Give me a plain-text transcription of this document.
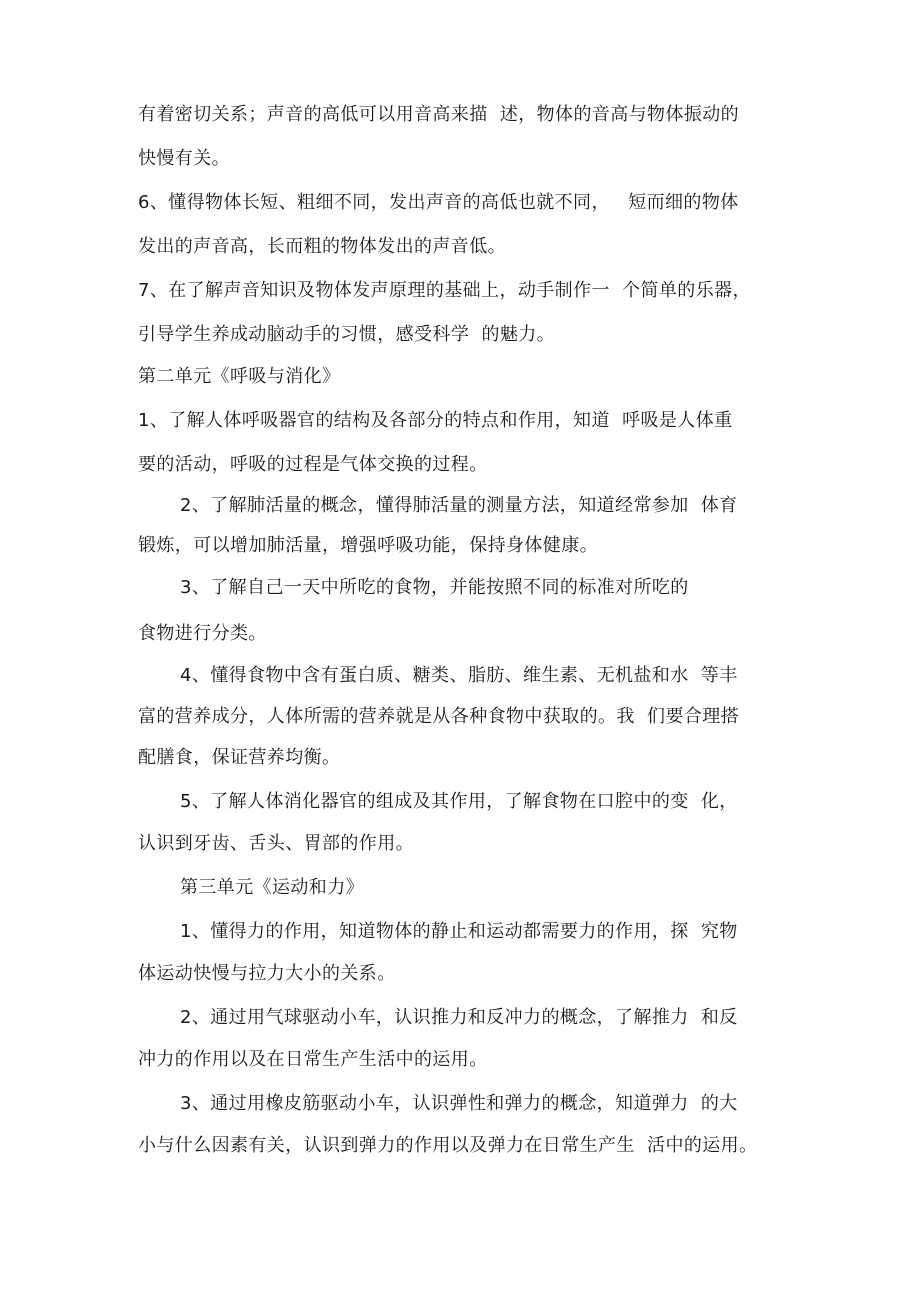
有着密切关系；声音的高低可以用音高来描  述，物体的音高与物体振动的
快慢有关。
6、懂得物体长短、粗细不同，发出声音的高低也就不同，   短而细的物体
发出的声音高，长而粗的物体发出的声音低。
7、在了解声音知识及物体发声原理的基础上，动手制作一  个简单的乐器，
引导学生养成动脑动手的习惯，感受科学  的魅力。
第二单元《呼吸与消化》
1、了解人体呼吸器官的结构及各部分的特点和作用，知道  呼吸是人体重
要的活动，呼吸的过程是气体交换的过程。
2、了解肺活量的概念，懂得肺活量的测量方法，知道经常参加  体育
锻炼，可以增加肺活量，增强呼吸功能，保持身体健康。
3、了解自己一天中所吃的食物，并能按照不同的标准对所吃的
食物进行分类。
4、懂得食物中含有蛋白质、糖类、脂肪、维生素、无机盐和水  等丰
富的营养成分，人体所需的营养就是从各种食物中获取的。我  们要合理搭
配膳食，保证营养均衡。
5、了解人体消化器官的组成及其作用，了解食物在口腔中的变  化，
认识到牙齿、舌头、胃部的作用。
第三单元《运动和力》
1、懂得力的作用，知道物体的静止和运动都需要力的作用，探  究物
体运动快慢与拉力大小的关系。
2、通过用气球驱动小车，认识推力和反冲力的概念，了解推力  和反
冲力的作用以及在日常生产生活中的运用。
3、通过用橡皮筋驱动小车，认识弹性和弹力的概念，知道弹力  的大
小与什么因素有关，认识到弹力的作用以及弹力在日常生产生  活中的运用。
